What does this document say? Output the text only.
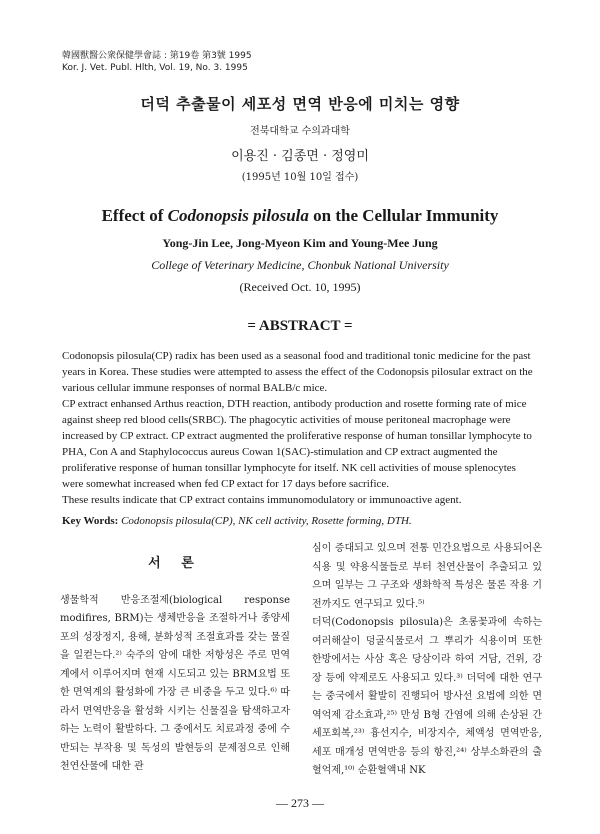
韓國獸醫公衆保健學會誌 : 第19卷 第3號 1995
Kor. J. Vet. Publ. Hlth, Vol. 19, No. 3. 1995
더덕 추출물이 세포성 면역 반응에 미치는 영향
전북대학교 수의과대학
이용진 · 김종면 · 정영미
(1995년 10월 10일 접수)
Effect of Codonopsis pilosula on the Cellular Immunity
Yong-Jin Lee, Jong-Myeon Kim and Young-Mee Jung
College of Veterinary Medicine, Chonbuk National University
(Received Oct. 10, 1995)
= ABSTRACT =

Codonopsis pilosula(CP) radix has been used as a seasonal food and traditional tonic medicine for the past years in Korea. These studies were attempted to assess the effect of the Codonopsis pilosular extract on the various cellular immune responses of normal BALB/c mice.

CP extract enhansed Arthus reaction, DTH reaction, antibody production and rosette forming rate of mice against sheep red blood cells(SRBC). The phagocytic activities of mouse peritoneal macrophage were increased by CP extract. CP extract augmented the proliferative response of human tonsillar lymphocyte to PHA, Con A and Staphylococcus aureus Cowan 1(SAC)-stimulation and CP extract augmented the proliferative response of human tonsillar lymphocyte for itself. NK cell activities of mouse splenocytes were somewhat increased when fed CP extact for 17 days before sacrifice.

These results indicate that CP extract contains immunomodulatory or immunoactive agent.

Key Words: Codonopsis pilosula(CP), NK cell activity, Rosette forming, DTH.
서 론

생물학적 반응조절제(biological response modifires, BRM)는 생체반응을 조절하거나 종양세포의 성장정지, 용해, 분화성적 조절효과를 갖는 물질을 일컫는다.²⁾ 숙주의 암에 대한 저항성은 주로 면역계에서 이루어지며 현재 시도되고 있는 BRM요법 또한 면역계의 활성화에 가장 큰 비중을 두고 있다.⁶⁾ 따라서 면역반응을 활성화 시키는 신물질을 탐색하고자 하는 노력이 활발하다. 그 중에서도 치료과정 중에 수반되는 부작용 및 독성의 발현등의 문제점으로 인해 천연산물에 대한 관

심이 증대되고 있으며 전통 민간요법으로 사용되어온 식용 및 약용식물들로 부터 천연산물이 추출되고 있으며 일부는 그 구조와 생화학적 특성은 물론 작용 기전까지도 연구되고 있다.⁵⁾

더덕(Codonopsis pilosula)은 초롱꽃과에 속하는 여러해살이 덩굴식물로서 그 뿌리가 식용이며 또한 한방에서는 사삼 혹은 당삼이라 하여 거담, 건위, 강장 등에 약제로도 사용되고 있다.³⁾ 더덕에 대한 연구는 중국에서 활발히 진행되어 방사선 요법에 의한 면역억제 감소효과,²⁵⁾ 만성 B형 간염에 의해 손상된 간세포회복,²³⁾ 흉선지수, 비장지수, 체액성 면역반응, 세포 매개성 면역반응 등의 항진,²⁴⁾ 상부소화관의 출혈억제,¹⁰⁾ 순환혈액내 NK

— 273 —
